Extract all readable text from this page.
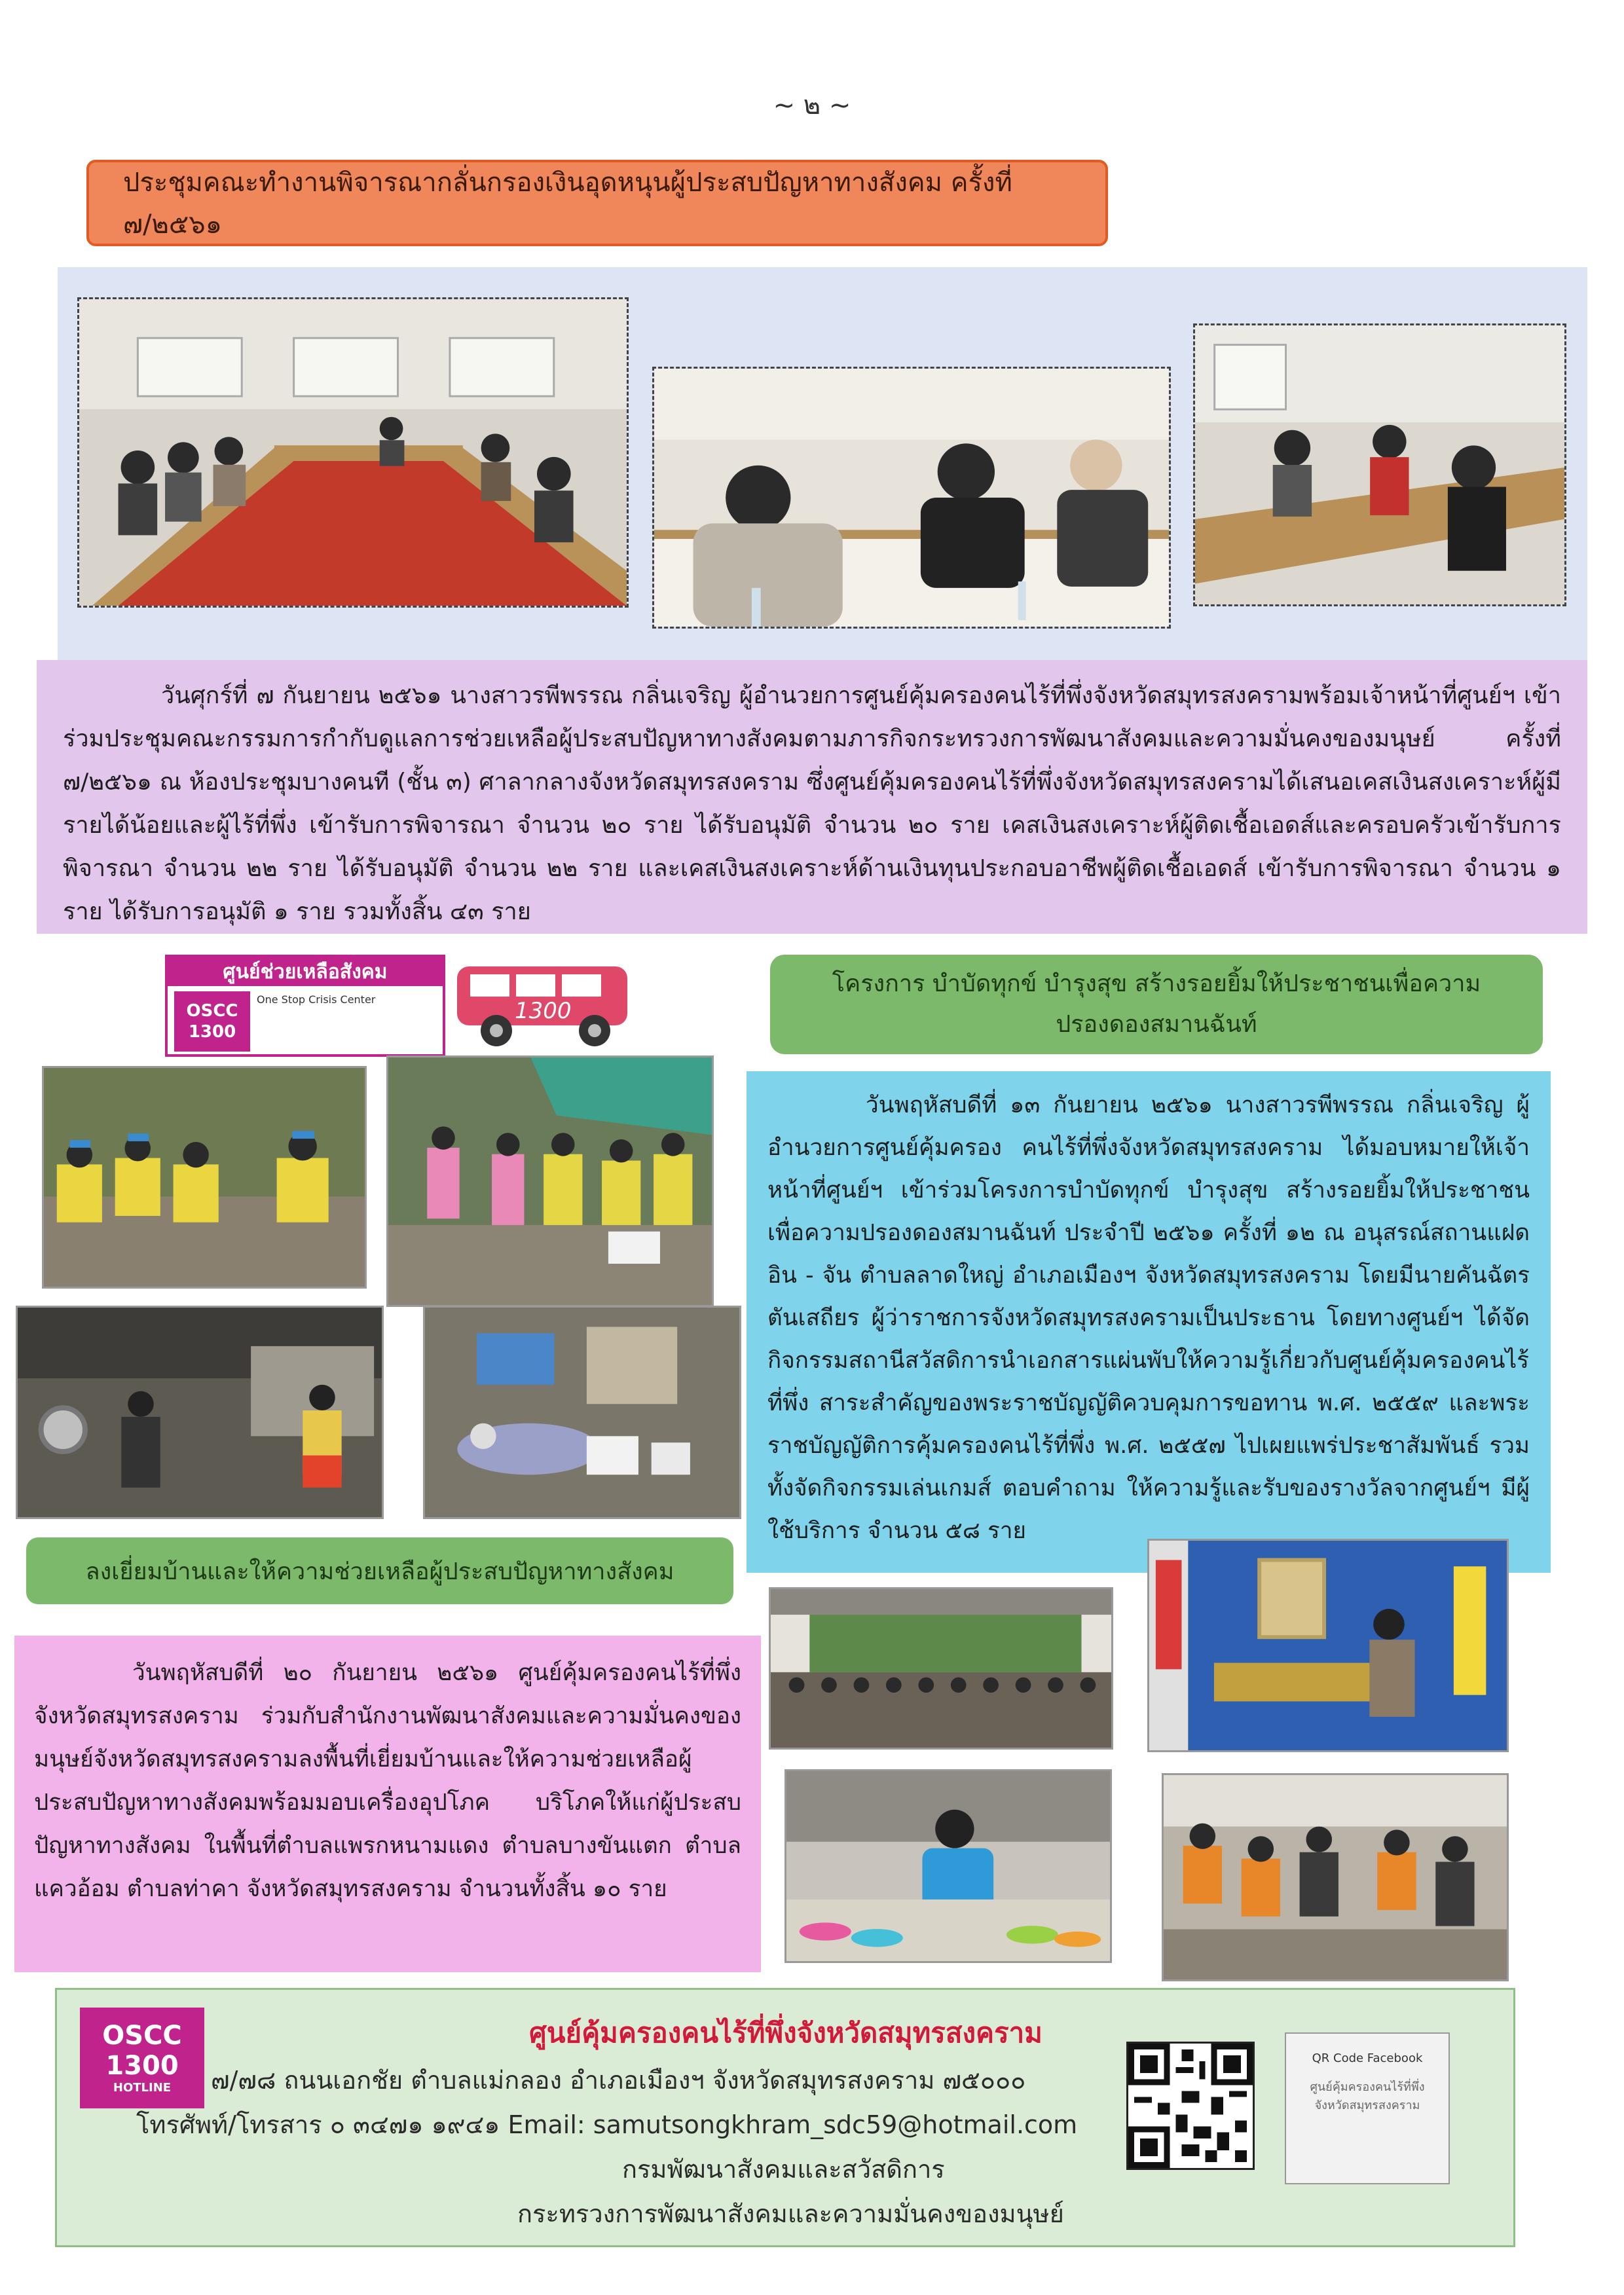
~ ๒ ~
ประชุมคณะทำงานพิจารณากลั่นกรองเงินอุดหนุนผู้ประสบปัญหาทางสังคม ครั้งที่ ๗/๒๕๖๑
วันศุกร์ที่ ๗ กันยายน ๒๕๖๑ นางสาวรพีพรรณ กลิ่นเจริญ ผู้อำนวยการศูนย์คุ้มครองคนไร้ที่พึ่งจังหวัดสมุทรสงครามพร้อมเจ้าหน้าที่ศูนย์ฯ เข้าร่วมประชุมคณะกรรมการกำกับดูแลการช่วยเหลือผู้ประสบปัญหาทางสังคมตามภารกิจกระทรวงการพัฒนาสังคมและความมั่นคงของมนุษย์ ครั้งที่ ๗/๒๕๖๑ ณ ห้องประชุมบางคนที (ชั้น ๓) ศาลากลางจังหวัดสมุทรสงคราม ซึ่งศูนย์คุ้มครองคนไร้ที่พึ่งจังหวัดสมุทรสงครามได้เสนอเคสเงินสงเคราะห์ผู้มีรายได้น้อยและผู้ไร้ที่พึ่ง เข้ารับการพิจารณา จำนวน ๒๐ ราย ได้รับอนุมัติ จำนวน ๒๐ ราย เคสเงินสงเคราะห์ผู้ติดเชื้อเอดส์และครอบครัวเข้ารับการพิจารณา จำนวน ๒๒ ราย ได้รับอนุมัติ จำนวน ๒๒ ราย และเคสเงินสงเคราะห์ด้านเงินทุนประกอบอาชีพผู้ติดเชื้อเอดส์ เข้ารับการพิจารณา จำนวน ๑ ราย ได้รับการอนุมัติ ๑ ราย รวมทั้งสิ้น ๔๓ ราย
ศูนย์ช่วยเหลือสังคม
OSCC
1300
One Stop Crisis Center	1300
โครงการ บำบัดทุกข์ บำรุงสุข สร้างรอยยิ้มให้ประชาชนเพื่อความ
ปรองดองสมานฉันท์
วันพฤหัสบดีที่ ๑๓ กันยายน ๒๕๖๑ นางสาวรพีพรรณ กลิ่นเจริญ ผู้อำนวยการศูนย์คุ้มครอง คนไร้ที่พึ่งจังหวัดสมุทรสงคราม ได้มอบหมายให้เจ้าหน้าที่ศูนย์ฯ เข้าร่วมโครงการบำบัดทุกข์ บำรุงสุข สร้างรอยยิ้มให้ประชาชนเพื่อความปรองดองสมานฉันท์ ประจำปี ๒๕๖๑ ครั้งที่ ๑๒ ณ อนุสรณ์สถานแฝดอิน - จัน ตำบลลาดใหญ่ อำเภอเมืองฯ จังหวัดสมุทรสงคราม โดยมีนายคันฉัตร ตันเสถียร ผู้ว่าราชการจังหวัดสมุทรสงครามเป็นประธาน โดยทางศูนย์ฯ ได้จัดกิจกรรมสถานีสวัสดิการนำเอกสารแผ่นพับให้ความรู้เกี่ยวกับศูนย์คุ้มครองคนไร้ที่พึ่ง สาระสำคัญของพระราชบัญญัติควบคุมการขอทาน พ.ศ. ๒๕๕๙ และพระราชบัญญัติการคุ้มครองคนไร้ที่พึ่ง พ.ศ. ๒๕๕๗ ไปเผยแพร่ประชาสัมพันธ์ รวมทั้งจัดกิจกรรมเล่นเกมส์ ตอบคำถาม ให้ความรู้และรับของรางวัลจากศูนย์ฯ มีผู้ใช้บริการ จำนวน ๕๘ ราย
ลงเยี่ยมบ้านและให้ความช่วยเหลือผู้ประสบปัญหาทางสังคม
วันพฤหัสบดีที่ ๒๐ กันยายน ๒๕๖๑ ศูนย์คุ้มครองคนไร้ที่พึ่งจังหวัดสมุทรสงคราม ร่วมกับสำนักงานพัฒนาสังคมและความมั่นคงของมนุษย์จังหวัดสมุทรสงครามลงพื้นที่เยี่ยมบ้านและให้ความช่วยเหลือผู้ประสบปัญหาทางสังคมพร้อมมอบเครื่องอุปโภค บริโภคให้แก่ผู้ประสบปัญหาทางสังคม ในพื้นที่ตำบลแพรกหนามแดง ตำบลบางขันแตก ตำบลแควอ้อม ตำบลท่าคา จังหวัดสมุทรสงคราม จำนวนทั้งสิ้น ๑๐ ราย
OSCC
1300
HOTLINE
ศูนย์คุ้มครองคนไร้ที่พึ่งจังหวัดสมุทรสงคราม
๗/๗๘ ถนนเอกชัย ตำบลแม่กลอง อำเภอเมืองฯ จังหวัดสมุทรสงคราม ๗๕๐๐๐
โทรศัพท์/โทรสาร ๐ ๓๔๗๑ ๑๙๔๑ Email: samutsongkhram_sdc59@hotmail.com
กรมพัฒนาสังคมและสวัสดิการ
กระทรวงการพัฒนาสังคมและความมั่นคงของมนุษย์
QR Code Facebook
ศูนย์คุ้มครองคนไร้ที่พึ่งจังหวัดสมุทรสงคราม
